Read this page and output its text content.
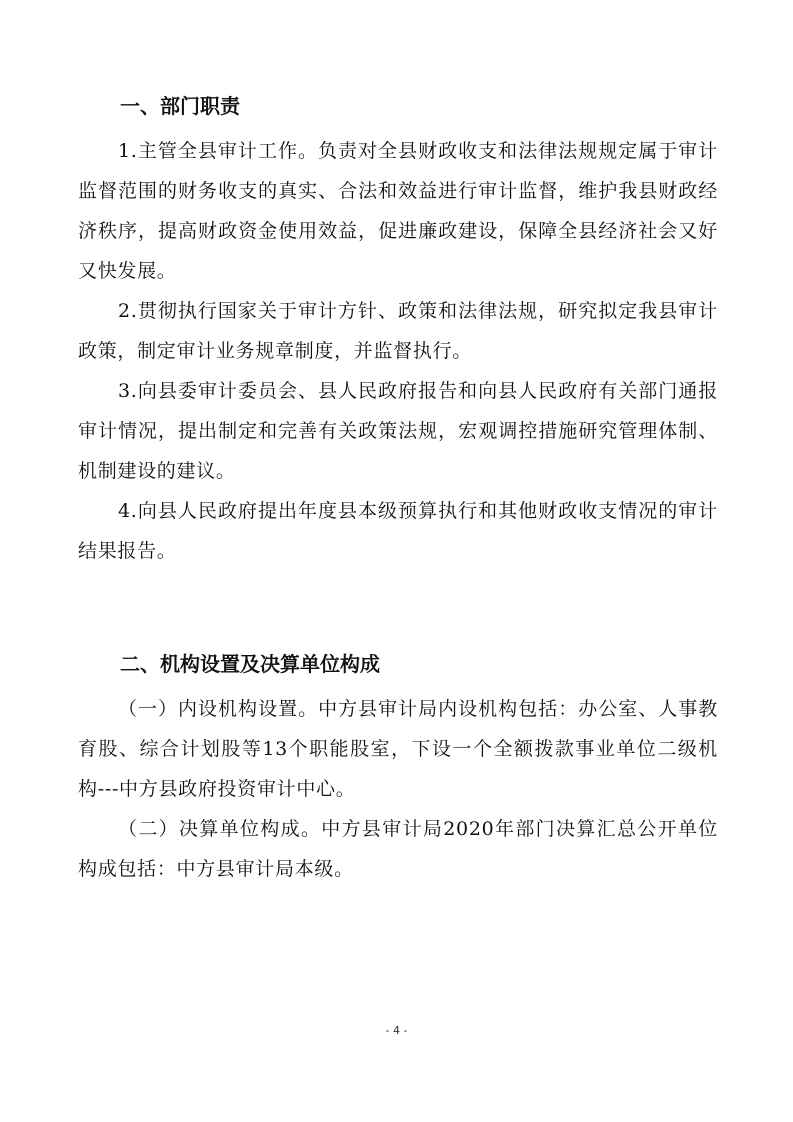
一、部门职责

1.主管全县审计工作。负责对全县财政收支和法律法规规定属于审计监督范围的财务收支的真实、合法和效益进行审计监督，维护我县财政经济秩序，提高财政资金使用效益，促进廉政建设，保障全县经济社会又好又快发展。

2.贯彻执行国家关于审计方针、政策和法律法规，研究拟定我县审计政策，制定审计业务规章制度，并监督执行。

3.向县委审计委员会、县人民政府报告和向县人民政府有关部门通报审计情况，提出制定和完善有关政策法规，宏观调控措施研究管理体制、机制建设的建议。

4.向县人民政府提出年度县本级预算执行和其他财政收支情况的审计结果报告。

二、机构设置及决算单位构成

（一）内设机构设置。中方县审计局内设机构包括：办公室、人事教育股、综合计划股等13个职能股室，下设一个全额拨款事业单位二级机构---中方县政府投资审计中心。

（二）决算单位构成。中方县审计局2020年部门决算汇总公开单位构成包括：中方县审计局本级。

- 4 -
